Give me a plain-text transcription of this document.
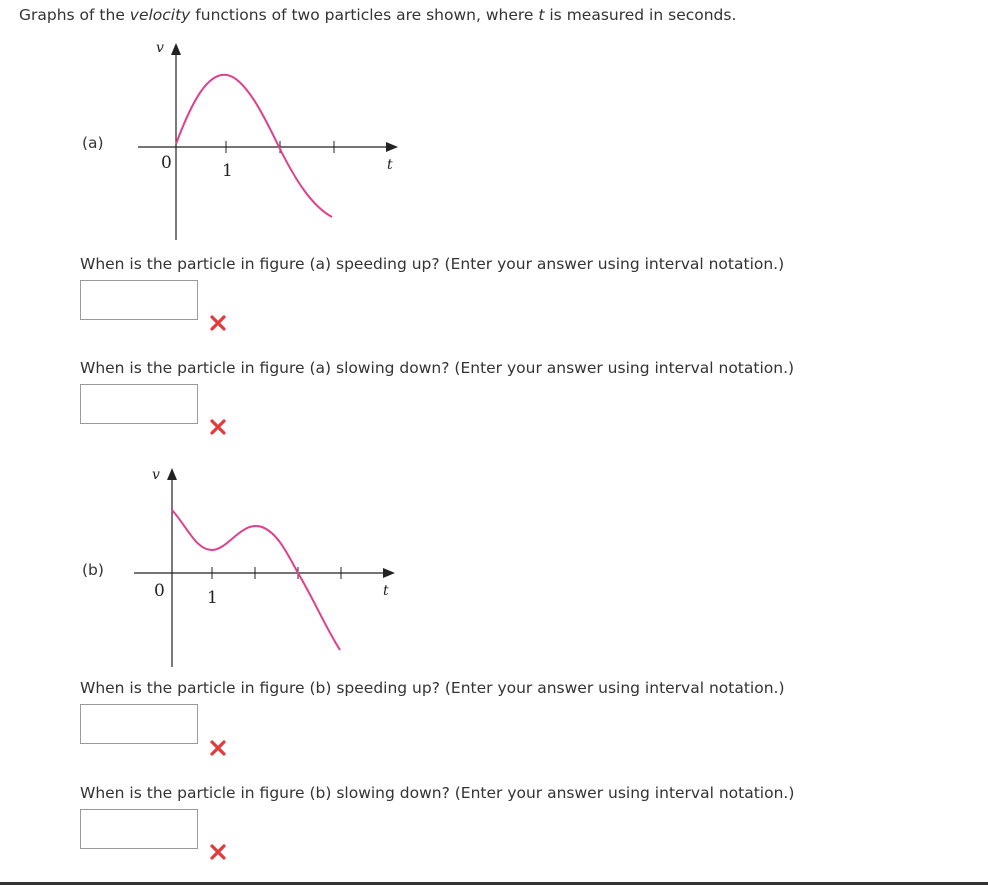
Graphs of the velocity functions of two particles are shown, where t is measured in seconds.
(a)
v
0	1	t
When is the particle in figure (a) speeding up? (Enter your answer using interval notation.)
When is the particle in figure (a) slowing down? (Enter your answer using interval notation.)
(b)
v
0 1	t
When is the particle in figure (b) speeding up? (Enter your answer using interval notation.)
When is the particle in figure (b) slowing down? (Enter your answer using interval notation.)
